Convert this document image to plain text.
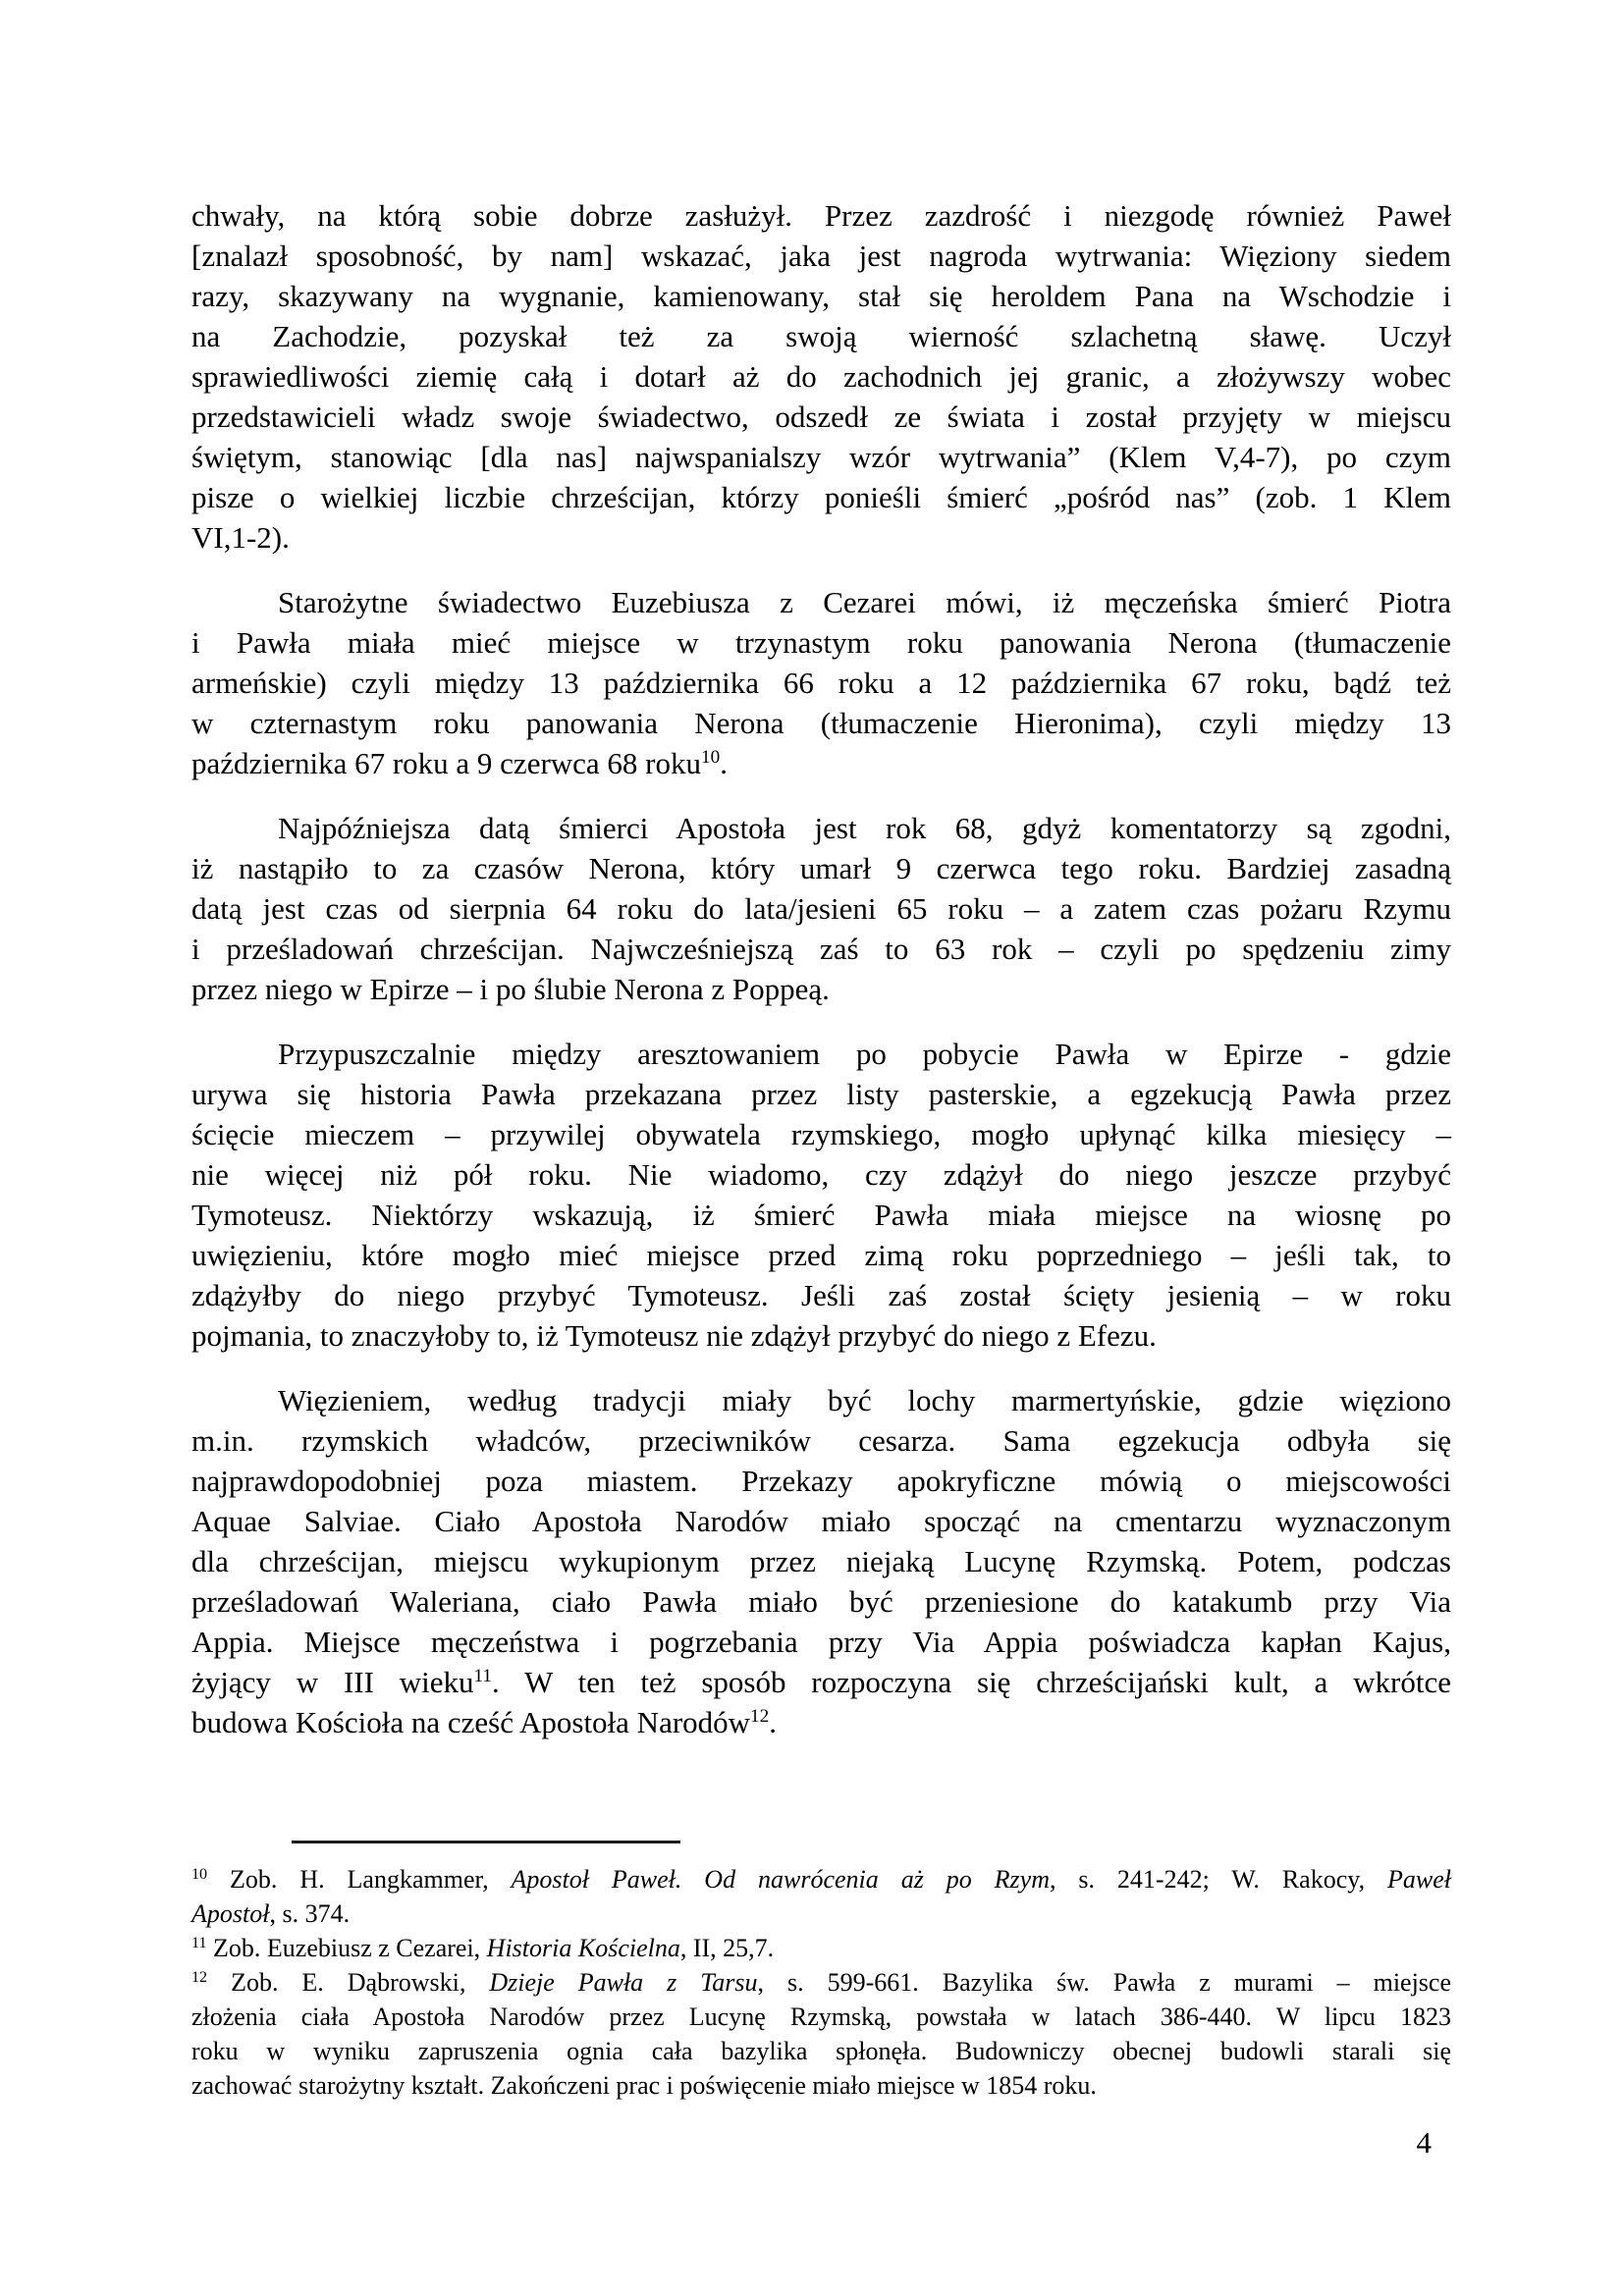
chwały, na którą sobie dobrze zasłużył. Przez zazdrość i niezgodę również Paweł
[znalazł sposobność, by nam] wskazać, jaka jest nagroda wytrwania: Więziony siedem
razy, skazywany na wygnanie, kamienowany, stał się heroldem Pana na Wschodzie i
na Zachodzie, pozyskał też za swoją wierność szlachetną sławę. Uczył
sprawiedliwości ziemię całą i dotarł aż do zachodnich jej granic, a złożywszy wobec
przedstawicieli władz swoje świadectwo, odszedł ze świata i został przyjęty w miejscu
świętym, stanowiąc [dla nas] najwspanialszy wzór wytrwania” (Klem V,4-7), po czym
pisze o wielkiej liczbie chrześcijan, którzy ponieśli śmierć „pośród nas” (zob. 1 Klem
VI,1-2).
Starożytne świadectwo Euzebiusza z Cezarei mówi, iż męczeńska śmierć Piotra
i Pawła miała mieć miejsce w trzynastym roku panowania Nerona (tłumaczenie
armeńskie) czyli między 13 października 66 roku a 12 października 67 roku, bądź też
w czternastym roku panowania Nerona (tłumaczenie Hieronima), czyli między 13
października 67 roku a 9 czerwca 68 roku$^{10}$.
Najpóźniejsza datą śmierci Apostoła jest rok 68, gdyż komentatorzy są zgodni,
iż nastąpiło to za czasów Nerona, który umarł 9 czerwca tego roku. Bardziej zasadną
datą jest czas od sierpnia 64 roku do lata/jesieni 65 roku – a zatem czas pożaru Rzymu
i prześladowań chrześcijan. Najwcześniejszą zaś to 63 rok – czyli po spędzeniu zimy
przez niego w Epirze – i po ślubie Nerona z Poppeą.
Przypuszczalnie między aresztowaniem po pobycie Pawła w Epirze - gdzie
urywa się historia Pawła przekazana przez listy pasterskie, a egzekucją Pawła przez
ścięcie mieczem – przywilej obywatela rzymskiego, mogło upłynąć kilka miesięcy –
nie więcej niż pół roku. Nie wiadomo, czy zdążył do niego jeszcze przybyć
Tymoteusz. Niektórzy wskazują, iż śmierć Pawła miała miejsce na wiosnę po
uwięzieniu, które mogło mieć miejsce przed zimą roku poprzedniego – jeśli tak, to
zdążyłby do niego przybyć Tymoteusz. Jeśli zaś został ścięty jesienią – w roku
pojmania, to znaczyłoby to, iż Tymoteusz nie zdążył przybyć do niego z Efezu.
Więzieniem, według tradycji miały być lochy marmertyńskie, gdzie więziono
m.in. rzymskich władców, przeciwników cesarza. Sama egzekucja odbyła się
najprawdopodobniej poza miastem. Przekazy apokryficzne mówią o miejscowości
Aquae Salviae. Ciało Apostoła Narodów miało spocząć na cmentarzu wyznaczonym
dla chrześcijan, miejscu wykupionym przez niejaką Lucynę Rzymską. Potem, podczas
prześladowań Waleriana, ciało Pawła miało być przeniesione do katakumb przy Via
Appia. Miejsce męczeństwa i pogrzebania przy Via Appia poświadcza kapłan Kajus,
żyjący w III wieku$^{11}$. W ten też sposób rozpoczyna się chrześcijański kult, a wkrótce
budowa Kościoła na cześć Apostoła Narodów$^{12}$.
$^{10}$ Zob. H. Langkammer, Apostoł Paweł. Od nawrócenia aż po Rzym, s. 241-242; W. Rakocy, Paweł
Apostoł, s. 374.
$^{11}$ Zob. Euzebiusz z Cezarei, Historia Kościelna, II, 25,7.
$^{12}$ Zob. E. Dąbrowski, Dzieje Pawła z Tarsu, s. 599-661. Bazylika św. Pawła z murami – miejsce
złożenia ciała Apostoła Narodów przez Lucynę Rzymską, powstała w latach 386-440. W lipcu 1823
roku w wyniku zapruszenia ognia cała bazylika spłonęła. Budowniczy obecnej budowli starali się
zachować starożytny kształt. Zakończeni prac i poświęcenie miało miejsce w 1854 roku.
4
